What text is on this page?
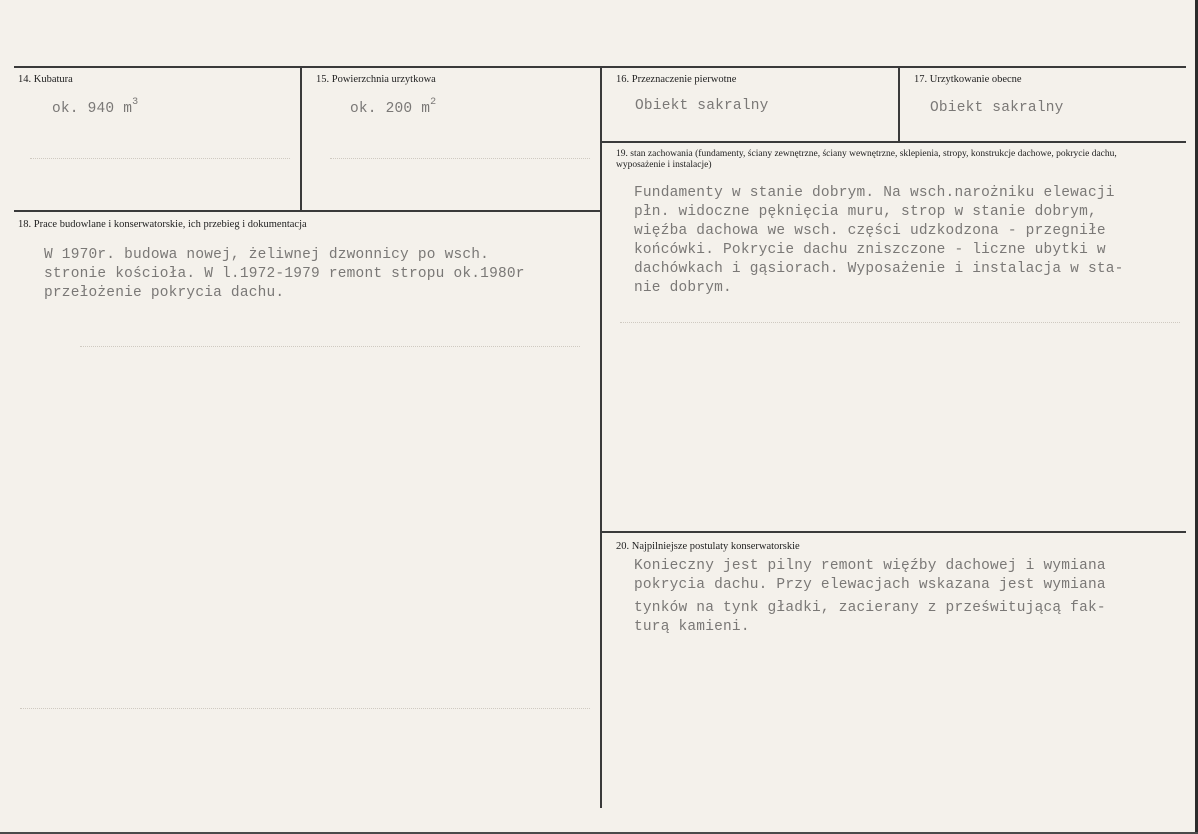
14. Kubatura
ok. 940 $m^3$
15. Powierzchnia urzytkowa
ok. 200 $m^2$
16. Przeznaczenie pierwotne
Obiekt sakralny
17. Urzytkowanie obecne
Obiekt sakralny
18. Prace budowlane i konserwatorskie, ich przebieg i dokumentacja
W 1970r. budowa nowej, żeliwnej dzwonnicy po wsch.
stronie kościoła. W l.1972-1979 remont stropu ok.1980r
przełożenie pokrycia dachu.
19. stan zachowania (fundamenty, ściany zewnętrzne, ściany wewnętrzne, sklepienia, stropy, konstrukcje dachowe, pokrycie dachu, wyposażenie i instalacje)
Fundamenty w stanie dobrym. Na wsch.narożniku elewacji
płn. widoczne pęknięcia muru, strop w stanie dobrym,
więźba dachowa we wsch. części udzkodzona - przegniłe
końcówki. Pokrycie dachu zniszczone - liczne ubytki w
dachówkach i gąsiorach. Wyposażenie i instalacja w sta-
nie dobrym.
20. Najpilniejsze postulaty konserwatorskie
Konieczny jest pilny remont więźby dachowej i wymiana
pokrycia dachu. Przy elewacjach wskazana jest wymiana
tynków na tynk gładki, zacierany z prześwitującą fak-
turą kamieni.
